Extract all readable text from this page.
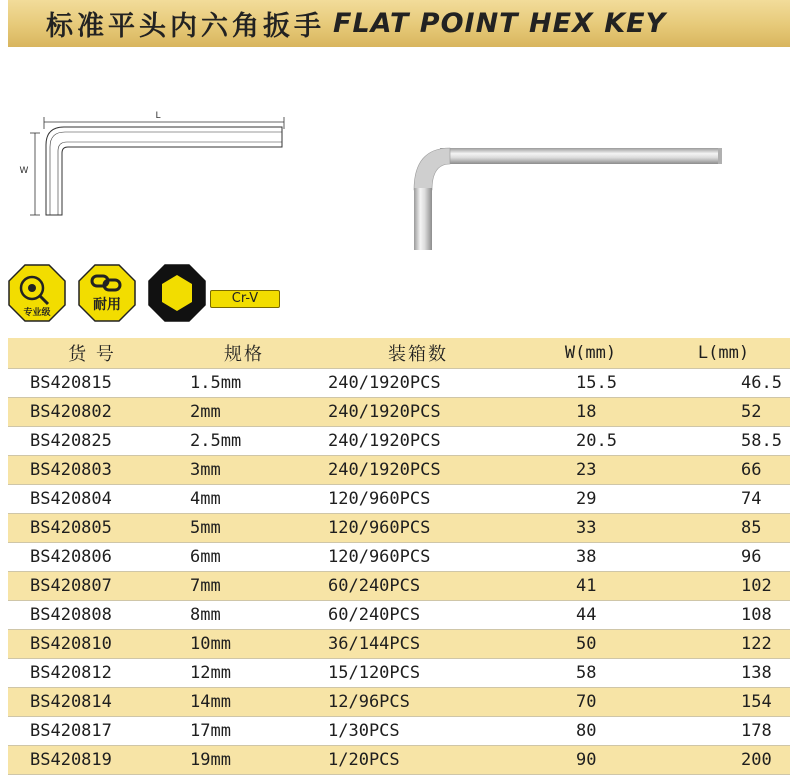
标准平头内六角扳手 FLAT POINT HEX KEY
L
W
专业级	耐用	Cr-V
货 号	规格	装箱数	W(mm)	L(mm)
BS420815	1.5mm	240/1920PCS	15.5	46.5
BS420802	2mm	240/1920PCS	18	52
BS420825	2.5mm	240/1920PCS	20.5	58.5
BS420803	3mm	240/1920PCS	23	66
BS420804	4mm	120/960PCS	29	74
BS420805	5mm	120/960PCS	33	85
BS420806	6mm	120/960PCS	38	96
BS420807	7mm	60/240PCS	41	102
BS420808	8mm	60/240PCS	44	108
BS420810	10mm	36/144PCS	50	122
BS420812	12mm	15/120PCS	58	138
BS420814	14mm	12/96PCS	70	154
BS420817	17mm	1/30PCS	80	178
BS420819	19mm	1/20PCS	90	200
